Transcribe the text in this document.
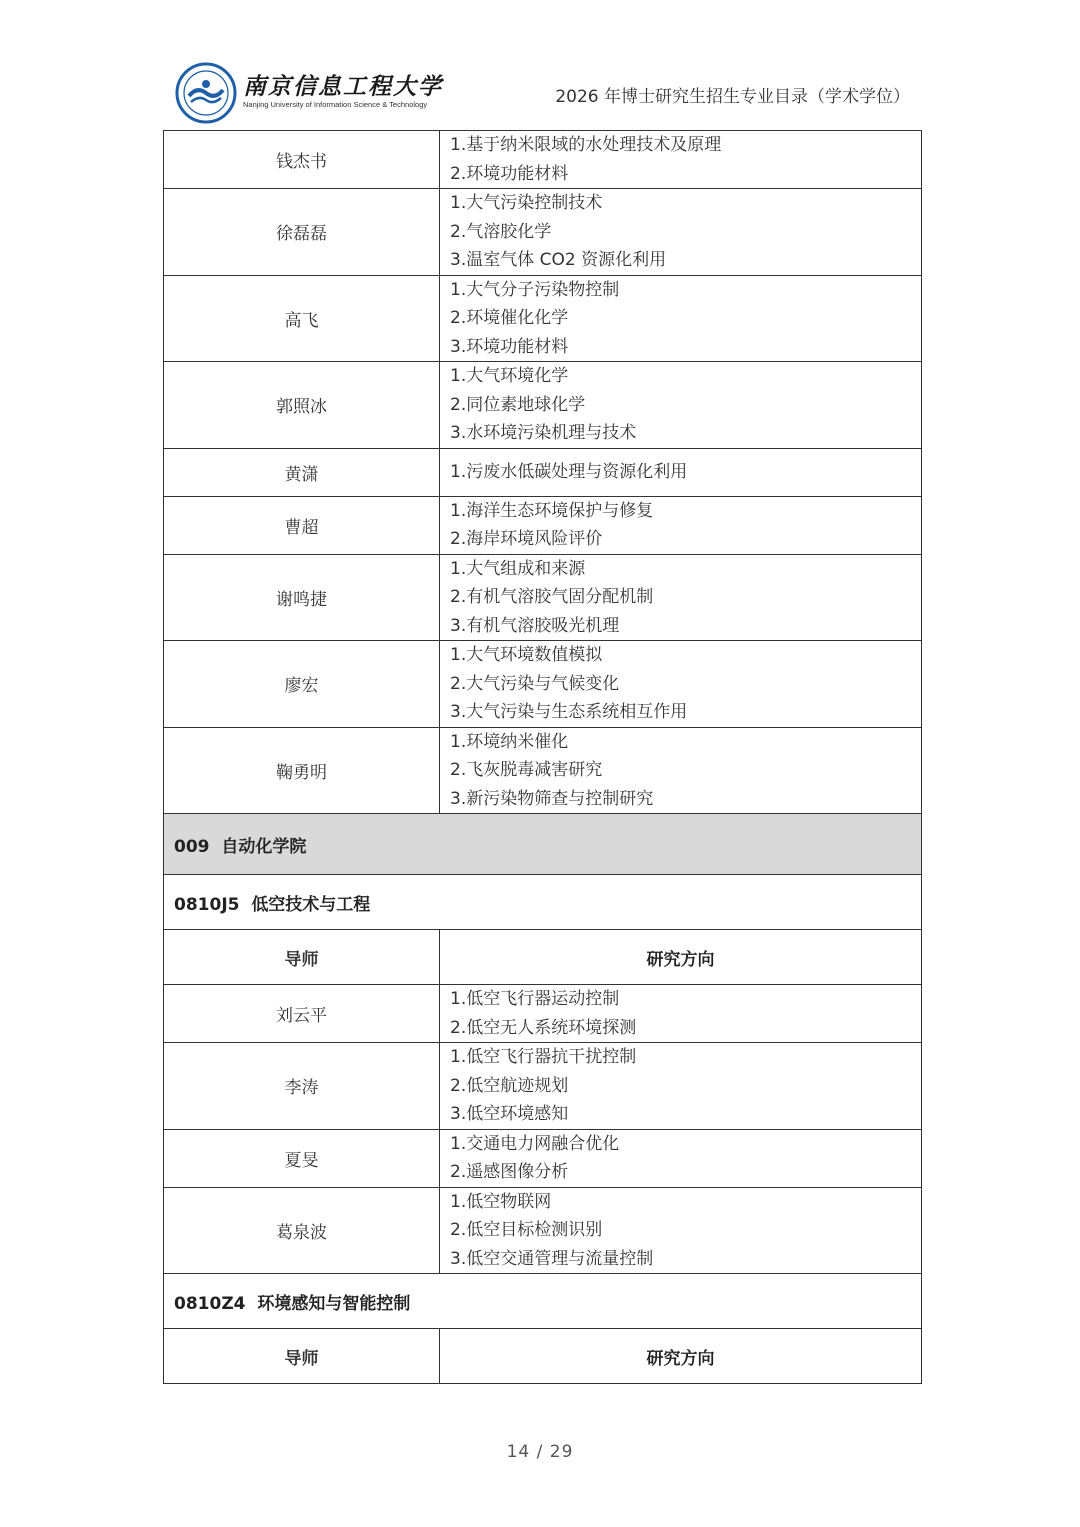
南京信息工程大学
Nanjing University of Information Science & Technology	2026 年博士研究生招生专业目录（学术学位）
钱杰书	1.基于纳米限域的水处理技术及原理
2.环境功能材料

徐磊磊	1.大气污染控制技术
2.气溶胶化学
3.温室气体 CO2 资源化利用

高飞	1.大气分子污染物控制
2.环境催化化学
3.环境功能材料

郭照冰	1.大气环境化学
2.同位素地球化学
3.水环境污染机理与技术

黄潇	1.污废水低碳处理与资源化利用

曹超	1.海洋生态环境保护与修复
2.海岸环境风险评价

谢鸣捷	1.大气组成和来源
2.有机气溶胶气固分配机制
3.有机气溶胶吸光机理

廖宏	1.大气环境数值模拟
2.大气污染与气候变化
3.大气污染与生态系统相互作用

鞠勇明	1.环境纳米催化
2.飞灰脱毒减害研究
3.新污染物筛查与控制研究

009 自动化学院	
0810J5 低空技术与工程	
导师	研究方向
刘云平	1.低空飞行器运动控制
2.低空无人系统环境探测

李涛	1.低空飞行器抗干扰控制
2.低空航迹规划
3.低空环境感知

夏旻	1.交通电力网融合优化
2.遥感图像分析

葛泉波	1.低空物联网
2.低空目标检测识别
3.低空交通管理与流量控制

0810Z4 环境感知与智能控制	
导师	研究方向
14 / 29
